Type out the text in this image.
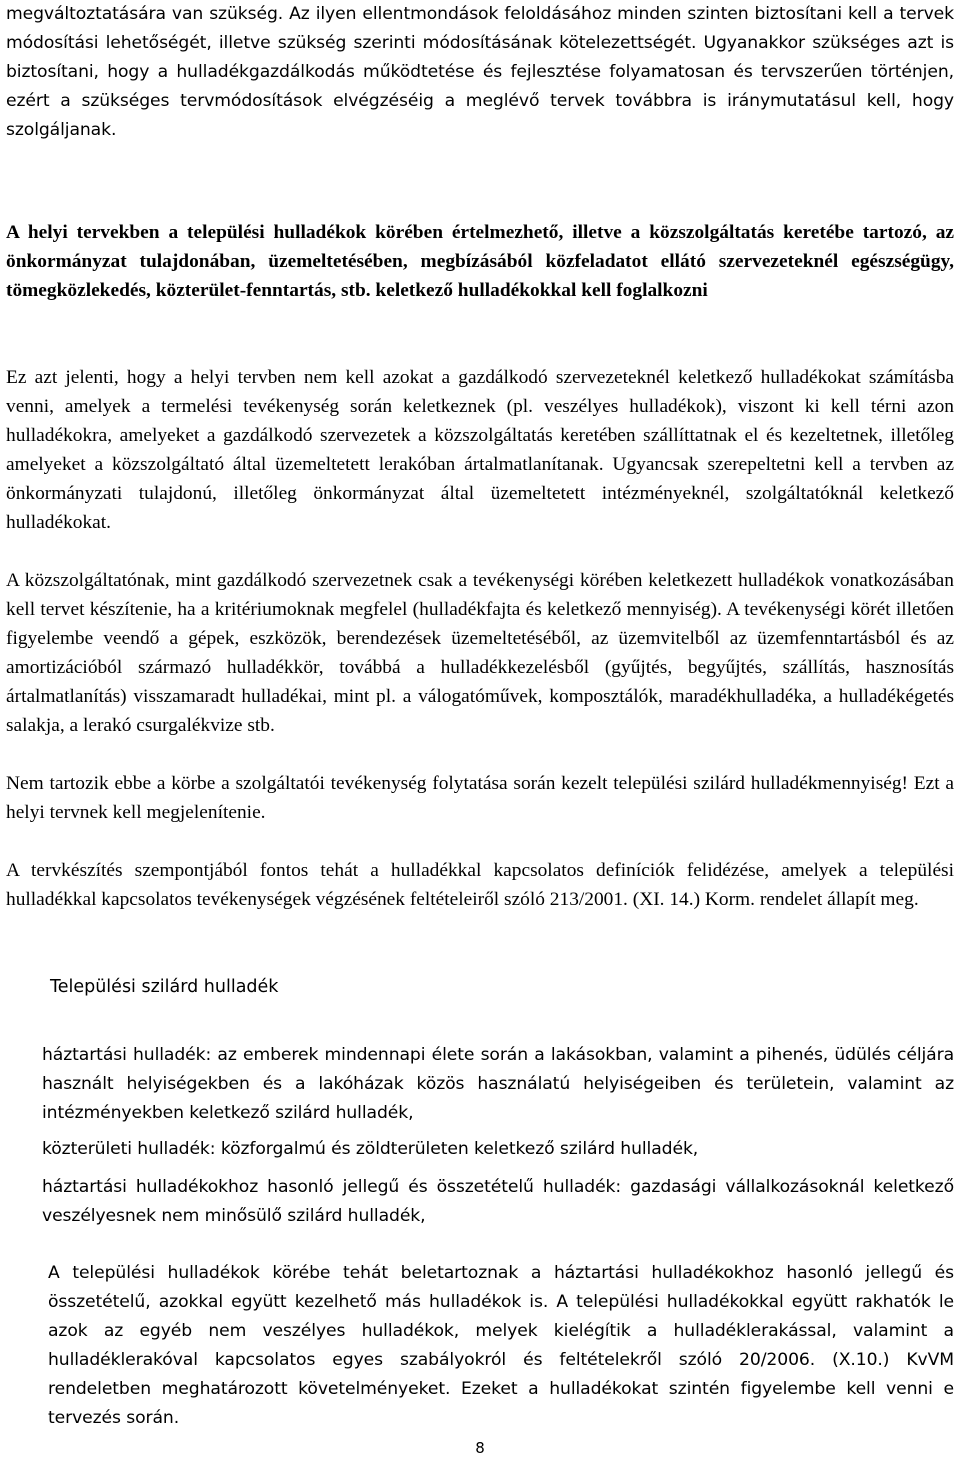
megváltoztatására van szükség. Az ilyen ellentmondások feloldásához minden szinten biztosítani kell a tervek módosítási lehetőségét, illetve szükség szerinti módosításának kötelezettségét. Ugyanakkor szükséges azt is biztosítani, hogy a hulladékgazdálkodás működtetése és fejlesztése folyamatosan és tervszerűen történjen, ezért a szükséges tervmódosítások elvégzéséig a meglévő tervek továbbra is iránymutatásul kell, hogy szolgáljanak.

A helyi tervekben a települési hulladékok körében értelmezhető, illetve a közszolgáltatás keretébe tartozó, az önkormányzat tulajdonában, üzemeltetésében, megbízásából közfeladatot ellátó szervezeteknél egészségügy, tömegközlekedés, közterület-fenntartás, stb. keletkező hulladékokkal kell foglalkozni

Ez azt jelenti, hogy a helyi tervben nem kell azokat a gazdálkodó szervezeteknél keletkező hulladékokat számításba venni, amelyek a termelési tevékenység során keletkeznek (pl. veszélyes hulladékok), viszont ki kell térni azon hulladékokra, amelyeket a gazdálkodó szervezetek a közszolgáltatás keretében szállíttatnak el és kezeltetnek, illetőleg amelyeket a közszolgáltató által üzemeltetett lerakóban ártalmatlanítanak. Ugyancsak szerepeltetni kell a tervben az önkormányzati tulajdonú, illetőleg önkormányzat által üzemeltetett intézményeknél, szolgáltatóknál keletkező hulladékokat.

A közszolgáltatónak, mint gazdálkodó szervezetnek csak a tevékenységi körében keletkezett hulladékok vonatkozásában kell tervet készítenie, ha a kritériumoknak megfelel (hulladékfajta és keletkező mennyiség). A tevékenységi körét illetően figyelembe veendő a gépek, eszközök, berendezések üzemeltetéséből, az üzemvitelből az üzemfenntartásból és az amortizációból származó hulladékkör, továbbá a hulladékkezelésből (gyűjtés, begyűjtés, szállítás, hasznosítás ártalmatlanítás) visszamaradt hulladékai, mint pl. a válogatóművek, komposztálók, maradékhulladéka, a hulladékégetés salakja, a lerakó csurgalékvize stb.

Nem tartozik ebbe a körbe a szolgáltatói tevékenység folytatása során kezelt települési szilárd hulladékmennyiség! Ezt a helyi tervnek kell megjelenítenie.

A tervkészítés szempontjából fontos tehát a hulladékkal kapcsolatos definíciók felidézése, amelyek a települési hulladékkal kapcsolatos tevékenységek végzésének feltételeiről szóló 213/2001. (XI. 14.) Korm. rendelet állapít meg.

Települési szilárd hulladék

háztartási hulladék: az emberek mindennapi élete során a lakásokban, valamint a pihenés, üdülés céljára használt helyiségekben és a lakóházak közös használatú helyiségeiben és területein, valamint az intézményekben keletkező szilárd hulladék,

közterületi hulladék: közforgalmú és zöldterületen keletkező szilárd hulladék,

háztartási hulladékokhoz hasonló jellegű és összetételű hulladék: gazdasági vállalkozásoknál keletkező veszélyesnek nem minősülő szilárd hulladék,

A települési hulladékok körébe tehát beletartoznak a háztartási hulladékokhoz hasonló jellegű és összetételű, azokkal együtt kezelhető más hulladékok is. A települési hulladékokkal együtt rakhatók le azok az egyéb nem veszélyes hulladékok, melyek kielégítik a hulladéklerakással, valamint a hulladéklerakóval kapcsolatos egyes szabályokról és feltételekről szóló 20/2006. (X.10.) KvVM rendeletben meghatározott követelményeket. Ezeket a hulladékokat szintén figyelembe kell venni e tervezés során.

8
